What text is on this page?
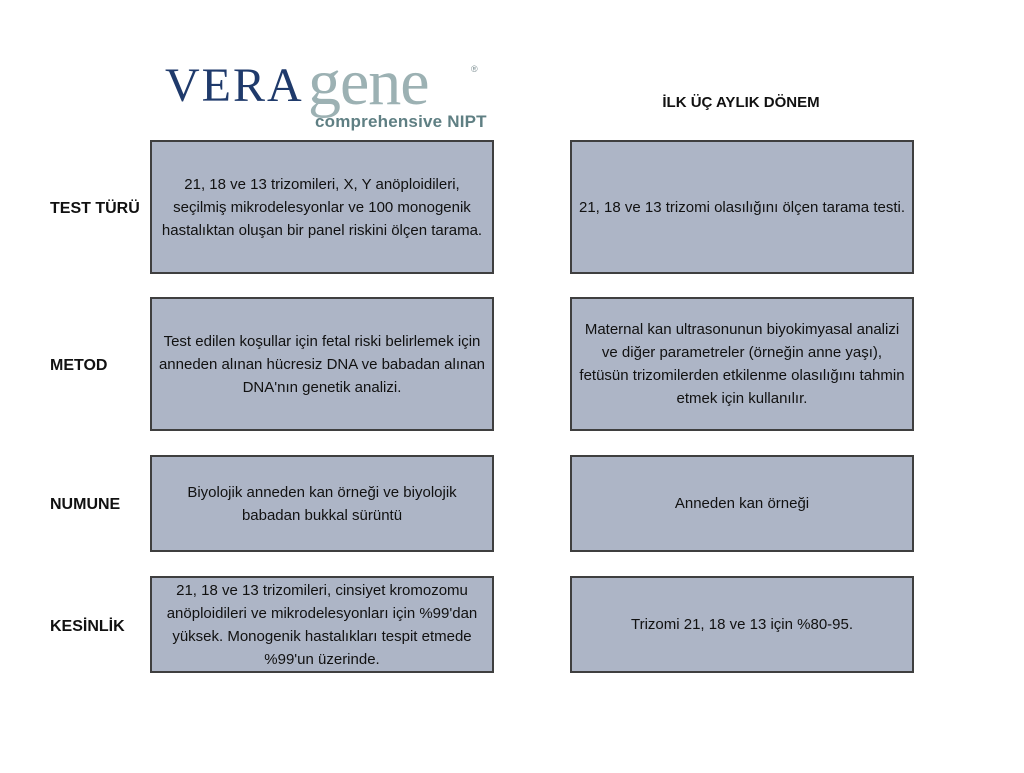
VERA gene	®
comprehensive NIPT
İLK ÜÇ AYLIK DÖNEM
TEST TÜRÜ
21, 18 ve 13 trizomileri, X, Y anöploidileri, seçilmiş mikrodelesyonlar ve 100 monogenik hastalıktan oluşan bir panel riskini ölçen tarama.
21, 18 ve 13 trizomi olasılığını ölçen tarama testi.
METOD
Test edilen koşullar için fetal riski belirlemek için anneden alınan hücresiz DNA ve babadan alınan DNA'nın genetik analizi.
Maternal kan ultrasonunun biyokimyasal analizi ve diğer parametreler (örneğin anne yaşı), fetüsün trizomilerden etkilenme olasılığını tahmin etmek için kullanılır.
NUMUNE
Biyolojik anneden kan örneği ve biyolojik babadan bukkal sürüntü
Anneden kan örneği
KESİNLİK
21, 18 ve 13 trizomileri, cinsiyet kromozomu anöploidileri ve mikrodelesyonları için %99'dan yüksek. Monogenik hastalıkları tespit etmede %99'un üzerinde.
Trizomi 21, 18 ve 13 için %80-95.
